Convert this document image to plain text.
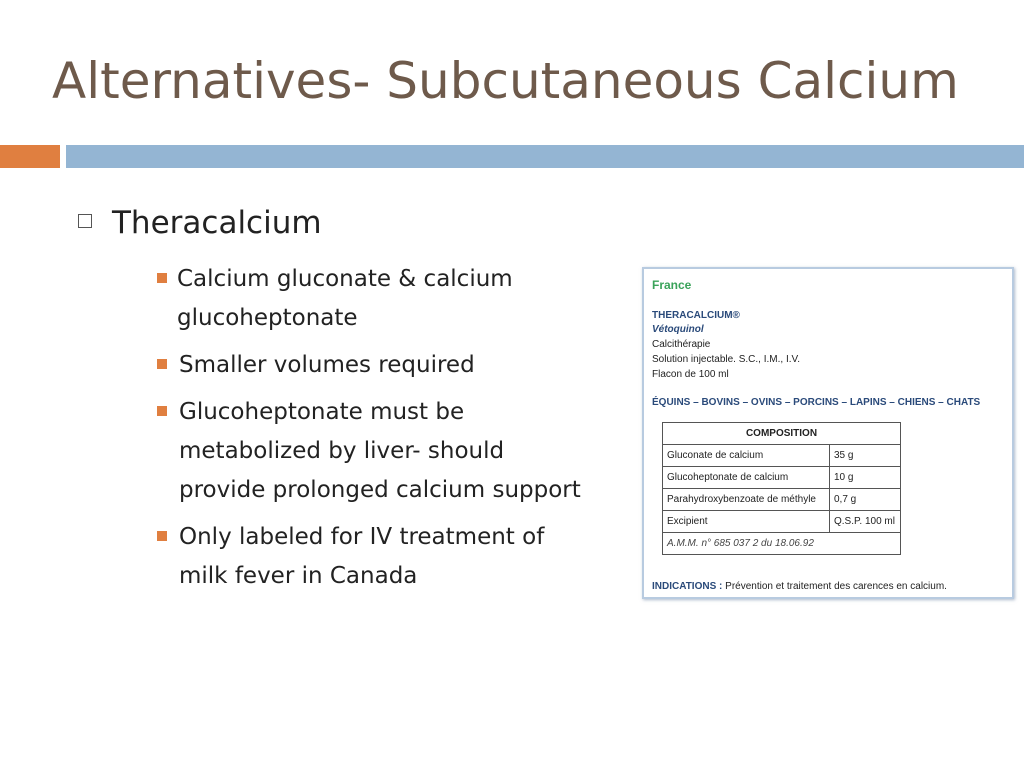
Alternatives- Subcutaneous Calcium
Theracalcium
Calcium gluconate & calcium glucoheptonate
Smaller volumes required
Glucoheptonate must be metabolized by liver- should provide prolonged calcium support
Only labeled for IV treatment of milk fever in Canada
France
THERACALCIUM®
Vétoquinol
Calcithérapie
Solution injectable. S.C., I.M., I.V.
Flacon de 100 ml
ÉQUINS – BOVINS – OVINS – PORCINS – LAPINS – CHIENS – CHATS
COMPOSITION	
Gluconate de calcium	35 g
Glucoheptonate de calcium	10 g
Parahydroxybenzoate de méthyle	0,7 g
Excipient	Q.S.P. 100 ml
A.M.M. n° 685 037 2 du 18.06.92	
INDICATIONS : Prévention et traitement des carences en calcium.
